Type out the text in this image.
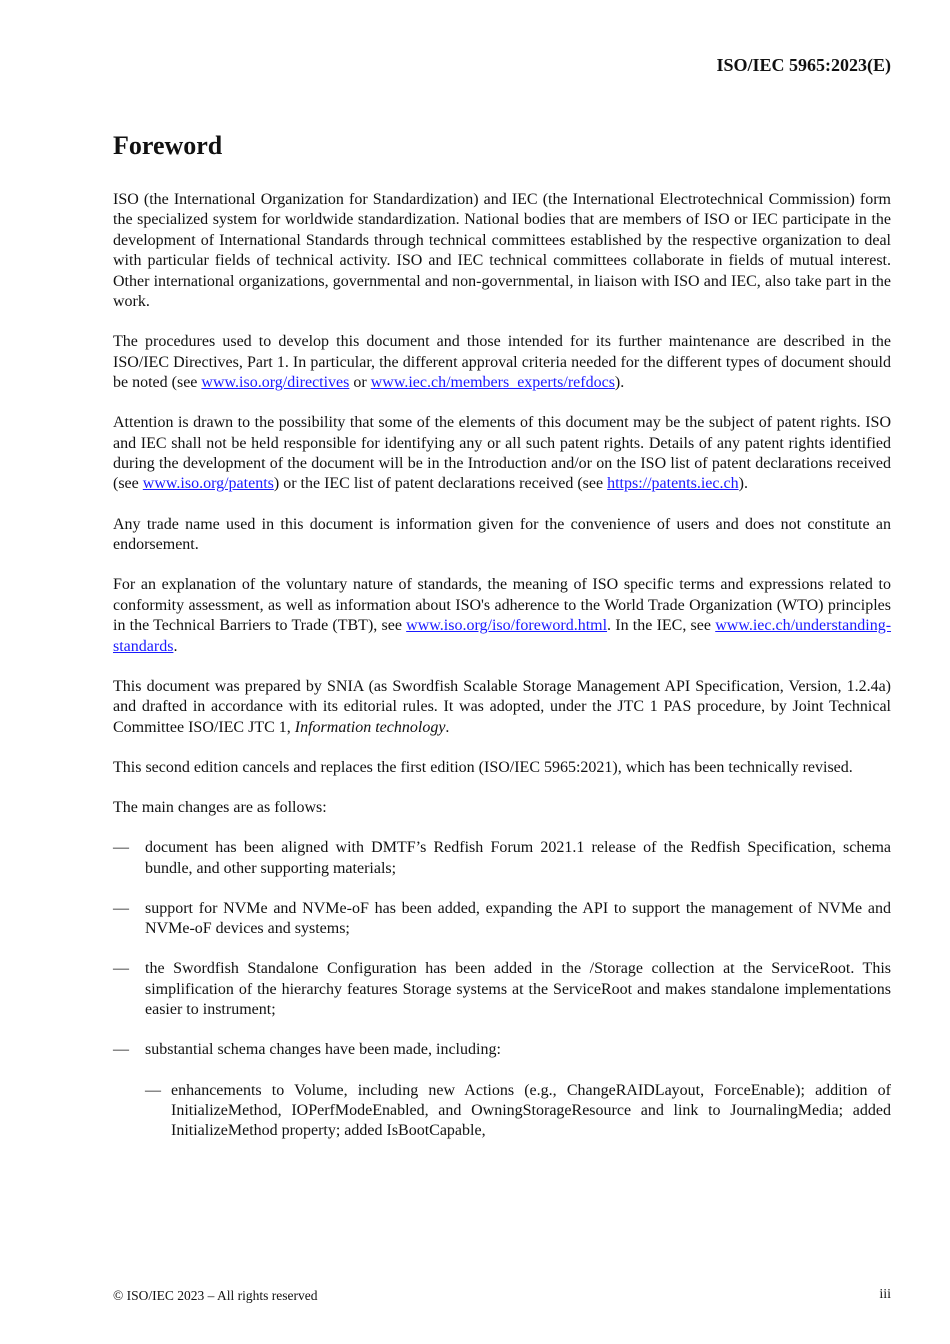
ISO/IEC 5965:2023(E)
Foreword

ISO (the International Organization for Standardization) and IEC (the International Electrotechnical Commission) form the specialized system for worldwide standardization. National bodies that are members of ISO or IEC participate in the development of International Standards through technical committees established by the respective organization to deal with particular fields of technical activity. ISO and IEC technical committees collaborate in fields of mutual interest. Other international organizations, governmental and non-governmental, in liaison with ISO and IEC, also take part in the work.

The procedures used to develop this document and those intended for its further maintenance are described in the ISO/IEC Directives, Part 1. In particular, the different approval criteria needed for the different types of document should be noted (see www.iso.org/directives or www.iec.ch/members_experts/refdocs).

Attention is drawn to the possibility that some of the elements of this document may be the subject of patent rights. ISO and IEC shall not be held responsible for identifying any or all such patent rights. Details of any patent rights identified during the development of the document will be in the Introduction and/or on the ISO list of patent declarations received (see www.iso.org/patents) or the IEC list of patent declarations received (see https://patents.iec.ch).

Any trade name used in this document is information given for the convenience of users and does not constitute an endorsement.

For an explanation of the voluntary nature of standards, the meaning of ISO specific terms and expressions related to conformity assessment, as well as information about ISO's adherence to the World Trade Organization (WTO) principles in the Technical Barriers to Trade (TBT), see www.iso.org/iso/foreword.html. In the IEC, see www.iec.ch/understanding-standards.

This document was prepared by SNIA (as Swordfish Scalable Storage Management API Specification, Version, 1.2.4a) and drafted in accordance with its editorial rules. It was adopted, under the JTC 1 PAS procedure, by Joint Technical Committee ISO/IEC JTC 1, Information technology.

This second edition cancels and replaces the first edition (ISO/IEC 5965:2021), which has been technically revised.

The main changes are as follows:

— document has been aligned with DMTF’s Redfish Forum 2021.1 release of the Redfish Specification, schema bundle, and other supporting materials;
— support for NVMe and NVMe-oF has been added, expanding the API to support the management of NVMe and NVMe-oF devices and systems;
— the Swordfish Standalone Configuration has been added in the /Storage collection at the ServiceRoot. This simplification of the hierarchy features Storage systems at the ServiceRoot and makes standalone implementations easier to instrument;
— substantial schema changes have been made, including:
— enhancements to Volume, including new Actions (e.g., ChangeRAIDLayout, ForceEnable); addition of InitializeMethod, IOPerfModeEnabled, and OwningStorageResource and link to JournalingMedia; added InitializeMethod property; added IsBootCapable,
© ISO/IEC 2023 – All rights reserved	iii
